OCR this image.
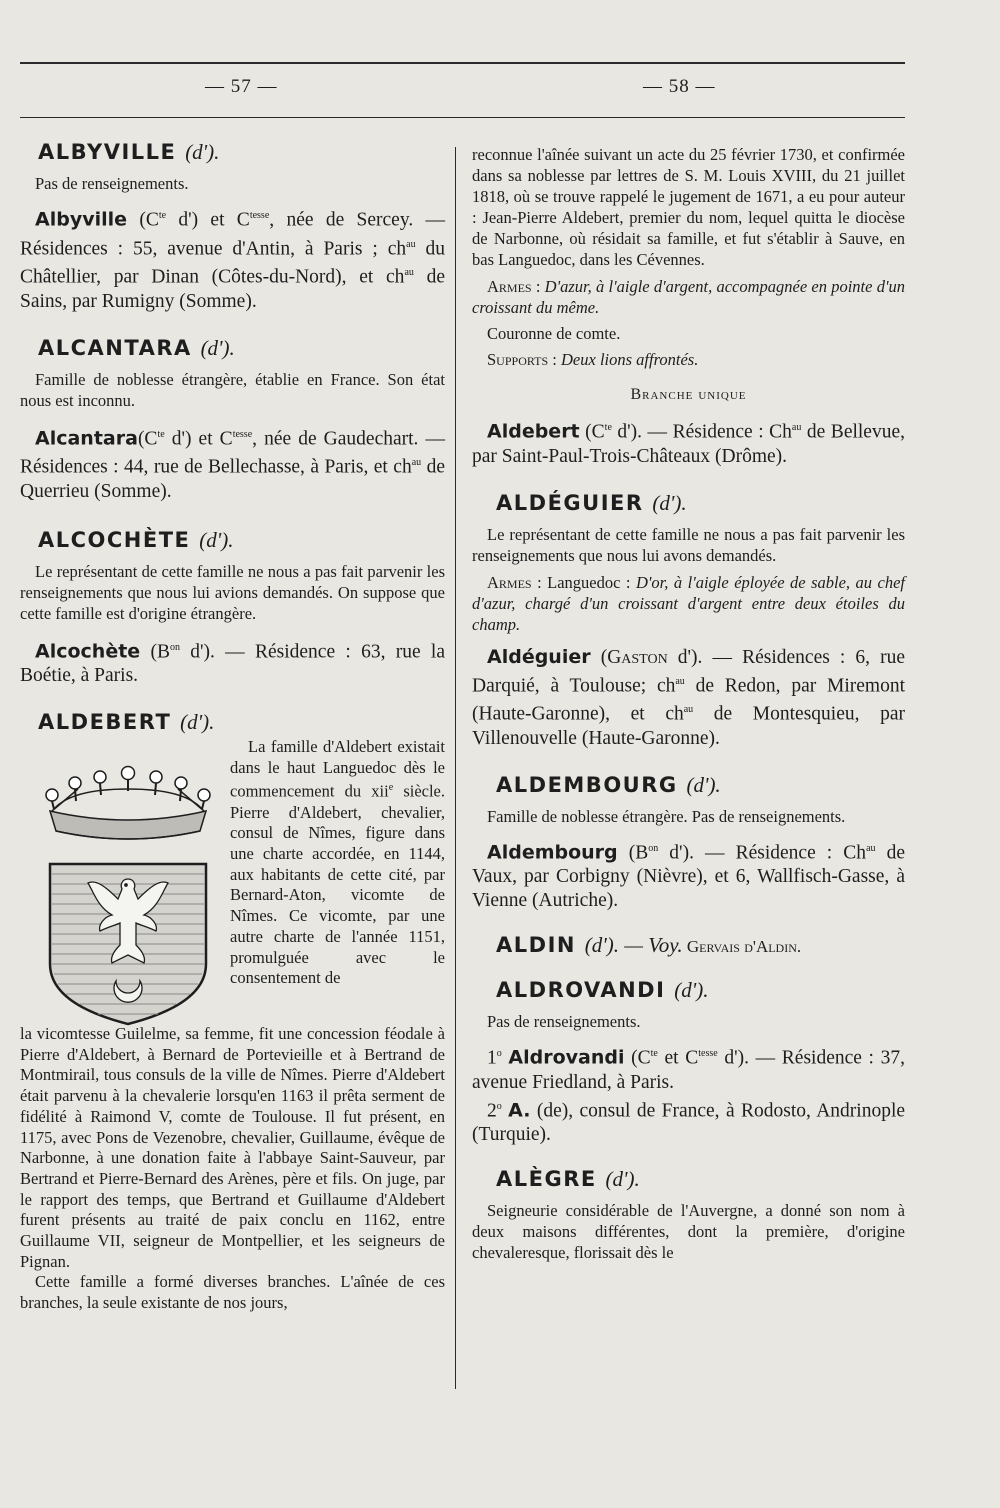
— 57 —	— 58 —

ALBYVILLE (d').

Pas de renseignements.

Albyville ($C^{te}$ d') et $C^{tesse}$, née de Sercey. — Résidences : 55, avenue d'Antin, à Paris ; $ch^{au}$ du Châtellier, par Dinan (Côtes-du-Nord), et $ch^{au}$ de Sains, par Rumigny (Somme).

ALCANTARA (d').

Famille de noblesse étrangère, établie en France. Son état nous est inconnu.

$Alcantara(C^{te}$ d') et $C^{tesse}$, née de Gaudechart. — Résidences : 44, rue de Bellechasse, à Paris, et $ch^{au}$ de Querrieu (Somme).

ALCOCHÈTE (d').

Le représentant de cette famille ne nous a pas fait parvenir les renseignements que nous lui avions demandés. On suppose que cette famille est d'origine étrangère.

Alcochète ($B^{on}$ d'). — Résidence : 63, rue la Boétie, à Paris.

ALDEBERT (d').

La famille d'Aldebert existait dans le haut Languedoc dès le commencement du xii$^e$ siècle. Pierre d'Aldebert, chevalier, consul de Nîmes, figure dans une charte accordée, en 1144, aux habitants de cette cité, par Bernard-Aton, vicomte de Nîmes. Ce vicomte, par une autre charte de l'année 1151, promulguée avec le consentement de

la vicomtesse Guilelme, sa femme, fit une concession féodale à Pierre d'Aldebert, à Bernard de Portevieille et à Bertrand de Montmirail, tous consuls de la ville de Nîmes. Pierre d'Aldebert était parvenu à la chevalerie lorsqu'en 1163 il prêta serment de fidélité à Raimond V, comte de Toulouse. Il fut présent, en 1175, avec Pons de Vezenobre, chevalier, Guillaume, évêque de Narbonne, à une donation faite à l'abbaye Saint-Sauveur, par Bertrand et Pierre-Bernard des Arènes, père et fils. On juge, par le rapport des temps, que Bertrand et Guillaume d'Aldebert furent présents au traité de paix conclu en 1162, entre Guillaume VII, seigneur de Montpellier, et les seigneurs de Pignan.

Cette famille a formé diverses branches. L'aînée de ces branches, la seule existante de nos jours,

reconnue l'aînée suivant un acte du 25 février 1730, et confirmée dans sa noblesse par lettres de S. M. Louis XVIII, du 21 juillet 1818, où se trouve rappelé le jugement de 1671, a eu pour auteur : Jean-Pierre Aldebert, premier du nom, lequel quitta le diocèse de Narbonne, où résidait sa famille, et fut s'établir à Sauve, en bas Languedoc, dans les Cévennes.

Armes : D'azur, à l'aigle d'argent, accompagnée en pointe d'un croissant du même.

Couronne de comte.

Supports : Deux lions affrontés.

Branche unique

Aldebert ($C^{te}$ d'). — Résidence : $Ch^{au}$ de Bellevue, par Saint-Paul-Trois-Châteaux (Drôme).

ALDÉGUIER (d').

Le représentant de cette famille ne nous a pas fait parvenir les renseignements que nous lui avons demandés.

Armes : Languedoc : D'or, à l'aigle éployée de sable, au chef d'azur, chargé d'un croissant d'argent entre deux étoiles du champ.

Aldéguier (Gaston d'). — Résidences : 6, rue Darquié, à Toulouse; $ch^{au}$ de Redon, par Miremont (Haute-Garonne), et $ch^{au}$ de Montesquieu, par Villenouvelle (Haute-Garonne).

ALDEMBOURG (d').

Famille de noblesse étrangère. Pas de renseignements.

Aldembourg ($B^{on}$ d'). — Résidence : $Ch^{au}$ de Vaux, par Corbigny (Nièvre), et 6, Wallfisch-Gasse, à Vienne (Autriche).

ALDIN (d'). — Voy. Gervais d'Aldin.

ALDROVANDI (d').

Pas de renseignements.

1$^o$ Aldrovandi ($C^{te}$ et $C^{tesse}$ d'). — Résidence : 37, avenue Friedland, à Paris.

2$^o$ A. (de), consul de France, à Rodosto, Andrinople (Turquie).

ALÈGRE (d').

Seigneurie considérable de l'Auvergne, a donné son nom à deux maisons différentes, dont la première, d'origine chevaleresque, florissait dès le
